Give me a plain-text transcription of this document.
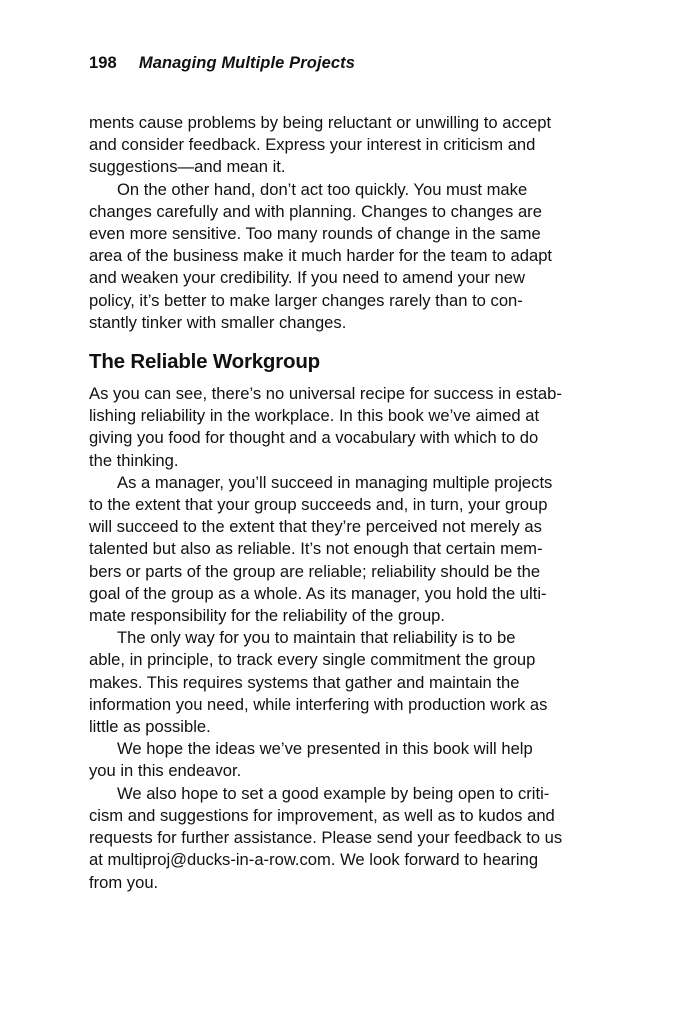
198 Managing Multiple Projects

ments cause problems by being reluctant or unwilling to accept
and consider feedback. Express your interest in criticism and
suggestions—and mean it.

On the other hand, don’t act too quickly. You must make
changes carefully and with planning. Changes to changes are
even more sensitive. Too many rounds of change in the same
area of the business make it much harder for the team to adapt
and weaken your credibility. If you need to amend your new
policy, it’s better to make larger changes rarely than to con-
stantly tinker with smaller changes.

The Reliable Workgroup

As you can see, there’s no universal recipe for success in estab-
lishing reliability in the workplace. In this book we’ve aimed at
giving you food for thought and a vocabulary with which to do
the thinking.

As a manager, you’ll succeed in managing multiple projects
to the extent that your group succeeds and, in turn, your group
will succeed to the extent that they’re perceived not merely as
talented but also as reliable. It’s not enough that certain mem-
bers or parts of the group are reliable; reliability should be the
goal of the group as a whole. As its manager, you hold the ulti-
mate responsibility for the reliability of the group.

The only way for you to maintain that reliability is to be
able, in principle, to track every single commitment the group
makes. This requires systems that gather and maintain the
information you need, while interfering with production work as
little as possible.

We hope the ideas we’ve presented in this book will help
you in this endeavor.

We also hope to set a good example by being open to criti-
cism and suggestions for improvement, as well as to kudos and
requests for further assistance. Please send your feedback to us
at multiproj@ducks-in-a-row.com. We look forward to hearing
from you.
